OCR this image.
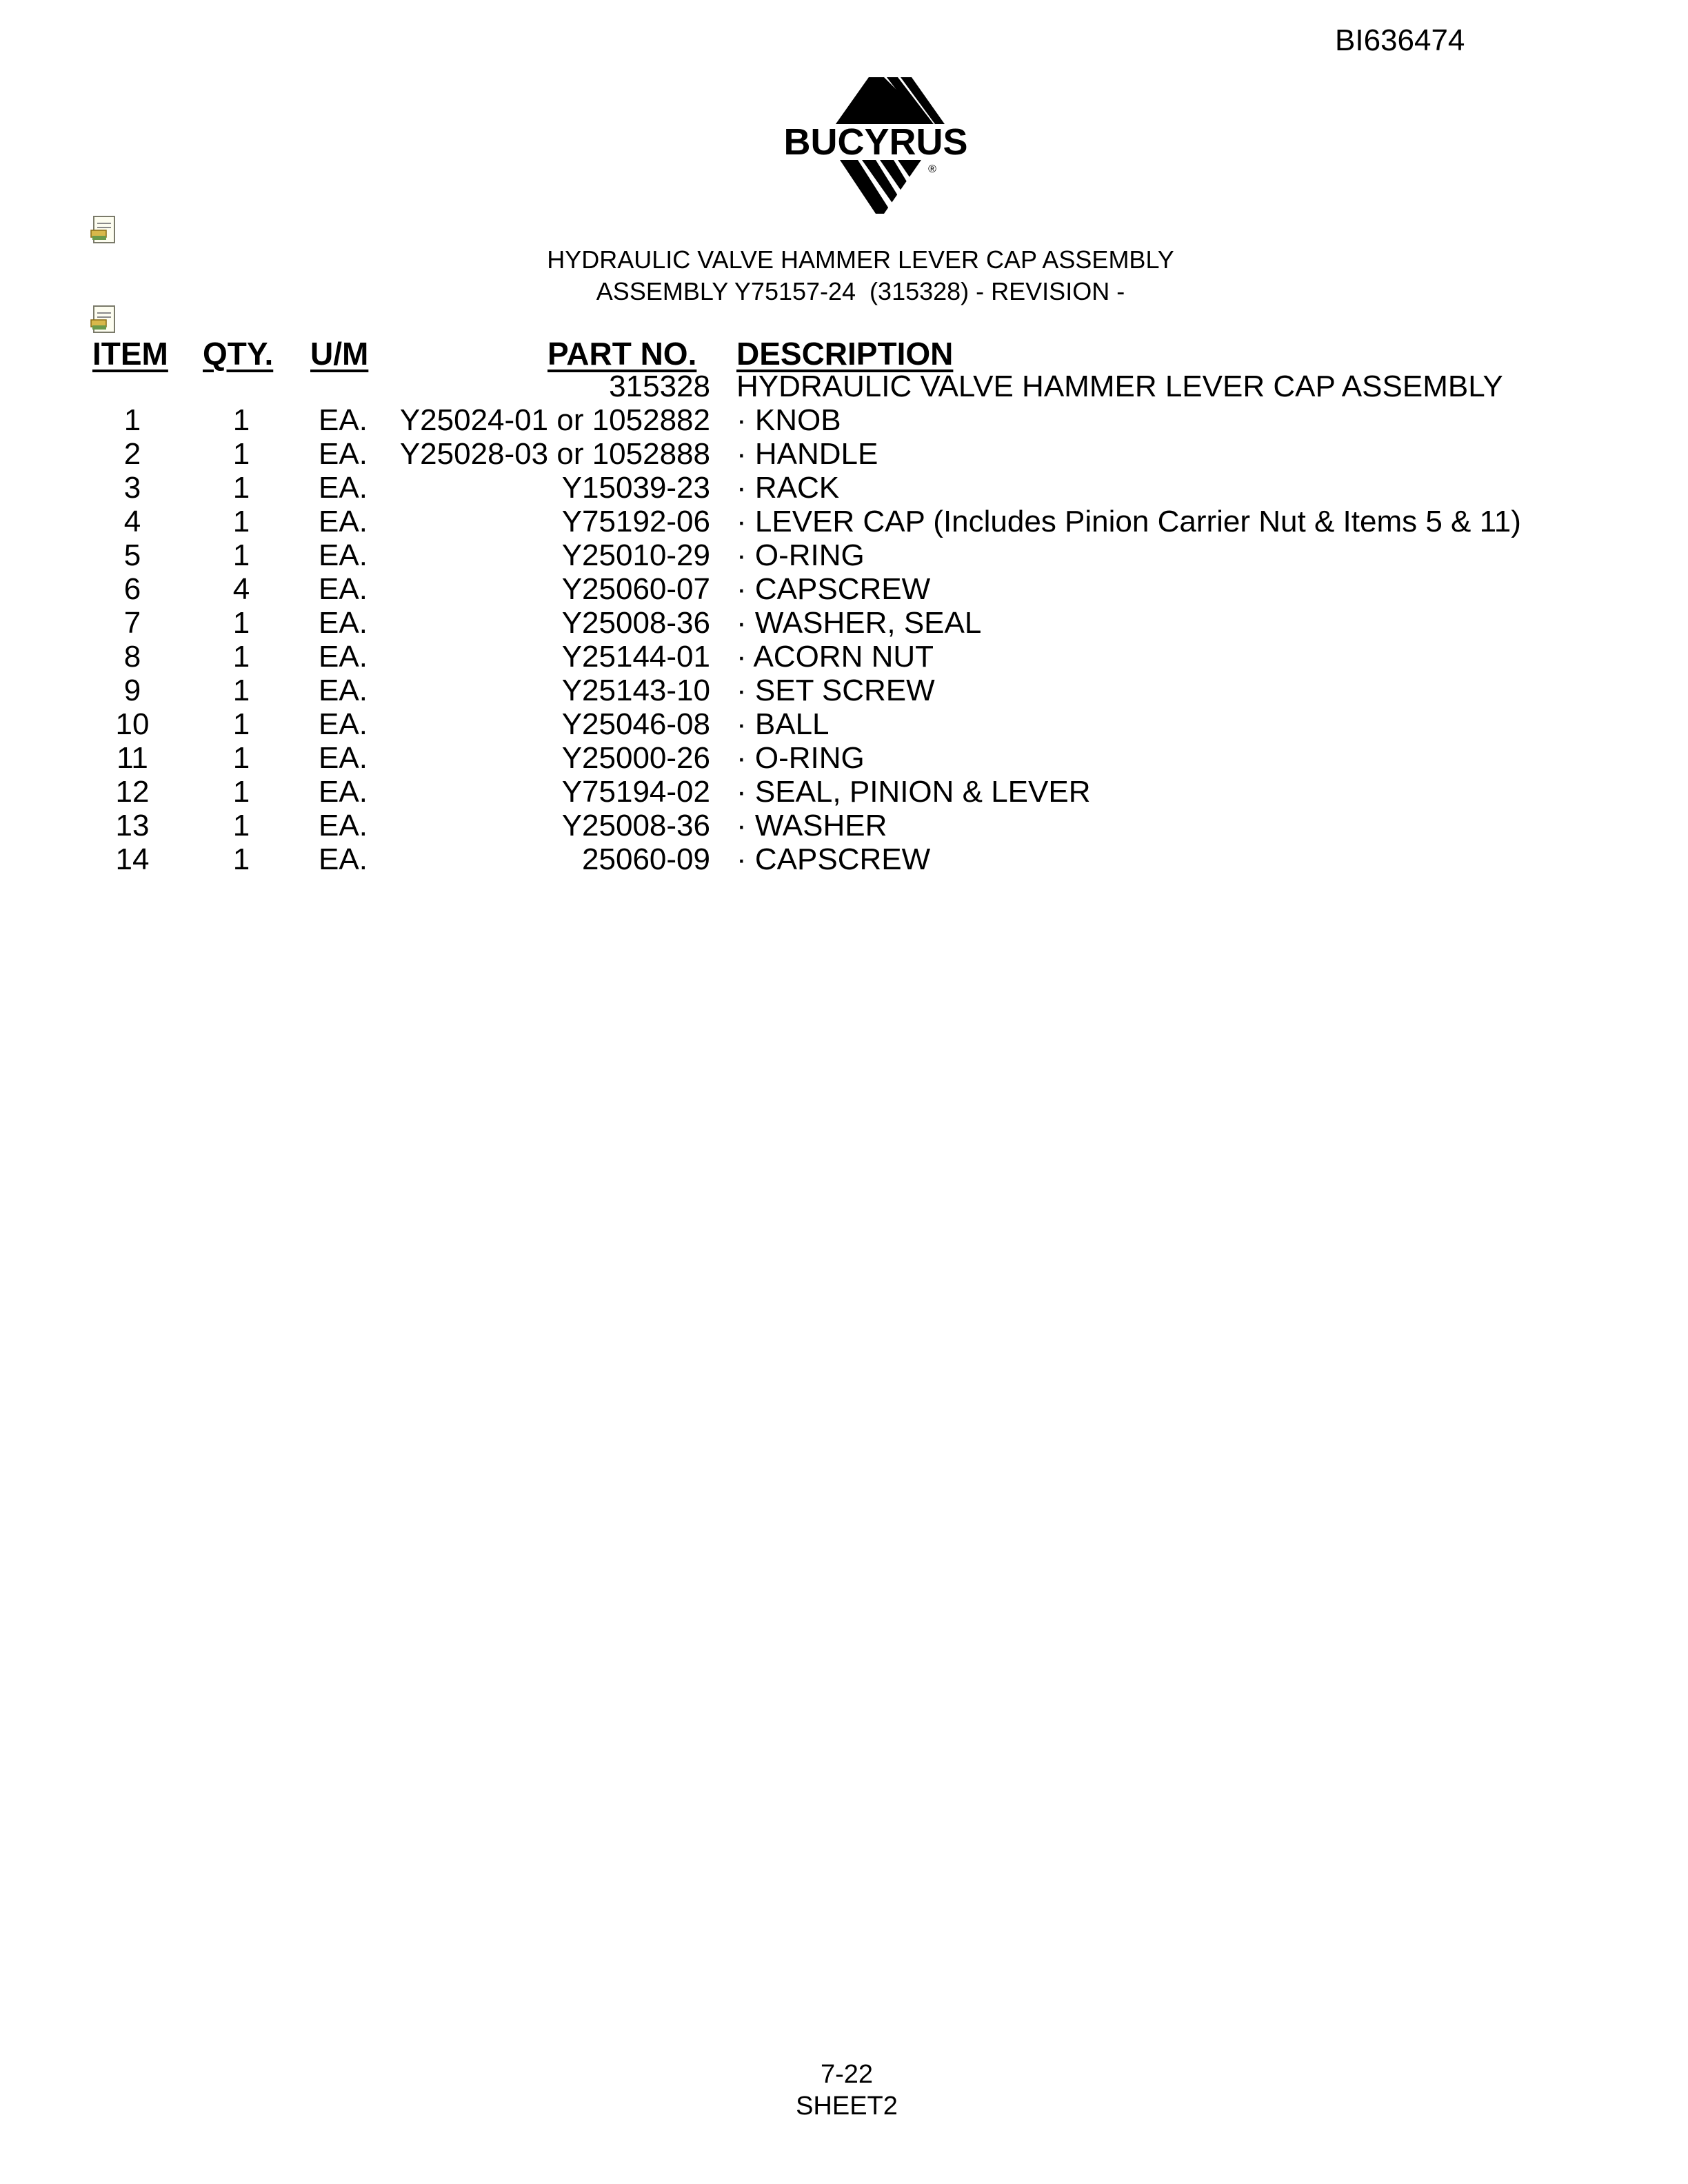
BI636474
BUCYRUS
®
HYDRAULIC VALVE HAMMER LEVER CAP ASSEMBLY
ASSEMBLY Y75157-24  (315328) - REVISION -
ITEM QTY. U/M	PART NO. DESCRIPTION
315328 HYDRAULIC VALVE HAMMER LEVER CAP ASSEMBLY
1	1	EA.	Y25024-01 or 1052882 · KNOB
2	1	EA.	Y25028-03 or 1052888 · HANDLE
3	1	EA.	Y15039-23 · RACK
4	1	EA.	Y75192-06 · LEVER CAP (Includes Pinion Carrier Nut & Items 5 & 11)
5	1	EA.	Y25010-29 · O-RING
6	4	EA.	Y25060-07 · CAPSCREW
7	1	EA.	Y25008-36 · WASHER, SEAL
8	1	EA.	Y25144-01 · ACORN NUT
9	1	EA.	Y25143-10 · SET SCREW
10	1	EA.	Y25046-08 · BALL
11	1	EA.	Y25000-26 · O-RING
12	1	EA.	Y75194-02 · SEAL, PINION & LEVER
13	1	EA.	Y25008-36 · WASHER
14	1	EA.	25060-09 · CAPSCREW
7-22
SHEET2
